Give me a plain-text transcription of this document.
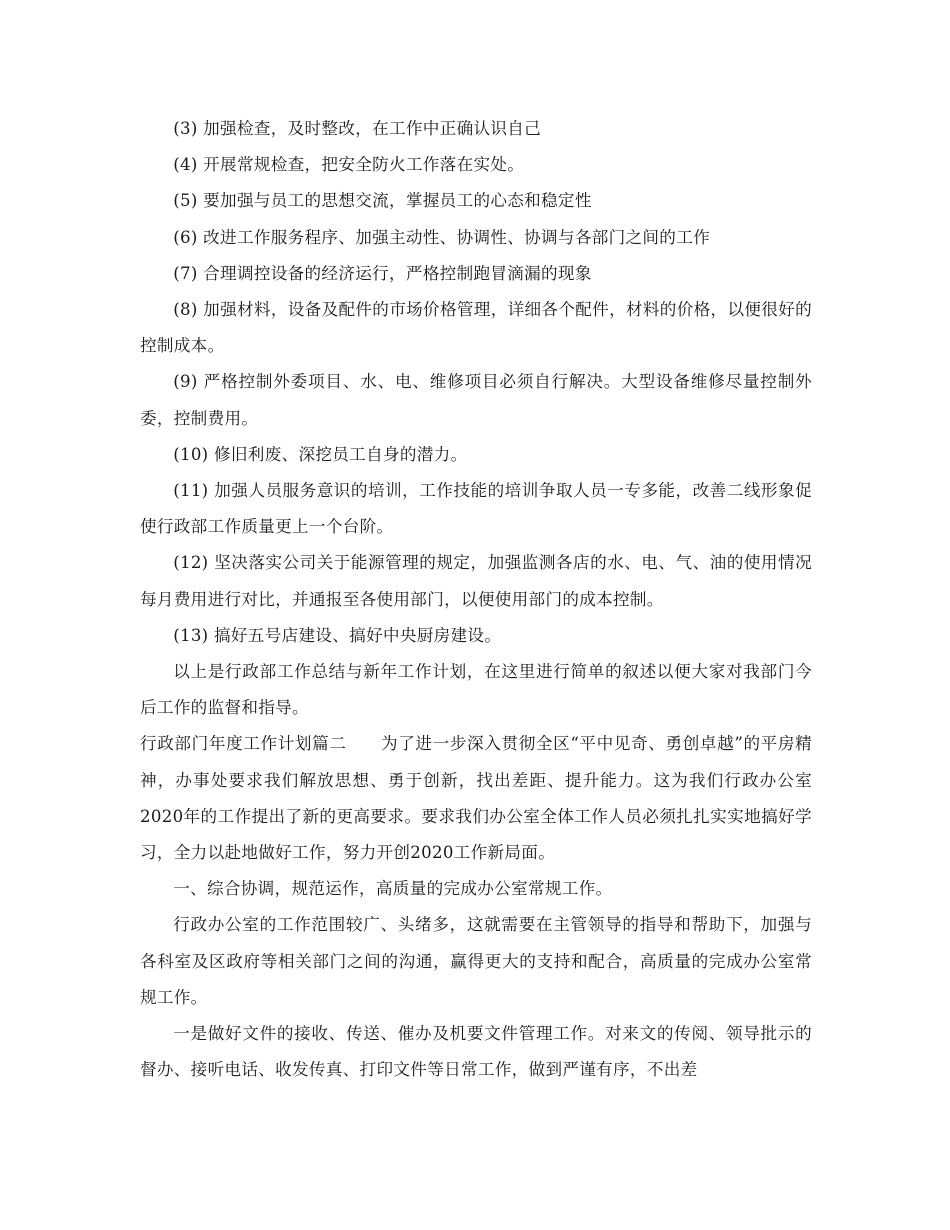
(3) 加强检查，及时整改，在工作中正确认识自己

(4) 开展常规检查，把安全防火工作落在实处。

(5) 要加强与员工的思想交流，掌握员工的心态和稳定性

(6) 改进工作服务程序、加强主动性、协调性、协调与各部门之间的工作

(7) 合理调控设备的经济运行，严格控制跑冒滴漏的现象

(8) 加强材料，设备及配件的市场价格管理，详细各个配件，材料的价格，以便很好的控制成本。

(9) 严格控制外委项目、水、电、维修项目必须自行解决。大型设备维修尽量控制外委，控制费用。

(10) 修旧利废、深挖员工自身的潜力。

(11) 加强人员服务意识的培训，工作技能的培训争取人员一专多能，改善二线形象促使行政部工作质量更上一个台阶。

(12) 坚决落实公司关于能源管理的规定，加强监测各店的水、电、气、油的使用情况每月费用进行对比，并通报至各使用部门，以便使用部门的成本控制。

(13) 搞好五号店建设、搞好中央厨房建设。

以上是行政部工作总结与新年工作计划，在这里进行简单的叙述以便大家对我部门今后工作的监督和指导。

行政部门年度工作计划篇二　　为了进一步深入贯彻全区“平中见奇、勇创卓越”的平房精神，办事处要求我们解放思想、勇于创新，找出差距、提升能力。这为我们行政办公室2020年的工作提出了新的更高要求。要求我们办公室全体工作人员必须扎扎实实地搞好学习，全力以赴地做好工作，努力开创2020工作新局面。

一、综合协调，规范运作，高质量的完成办公室常规工作。

行政办公室的工作范围较广、头绪多，这就需要在主管领导的指导和帮助下，加强与各科室及区政府等相关部门之间的沟通，赢得更大的支持和配合，高质量的完成办公室常规工作。

一是做好文件的接收、传送、催办及机要文件管理工作。对来文的传阅、领导批示的督办、接听电话、收发传真、打印文件等日常工作，做到严谨有序，不出差
